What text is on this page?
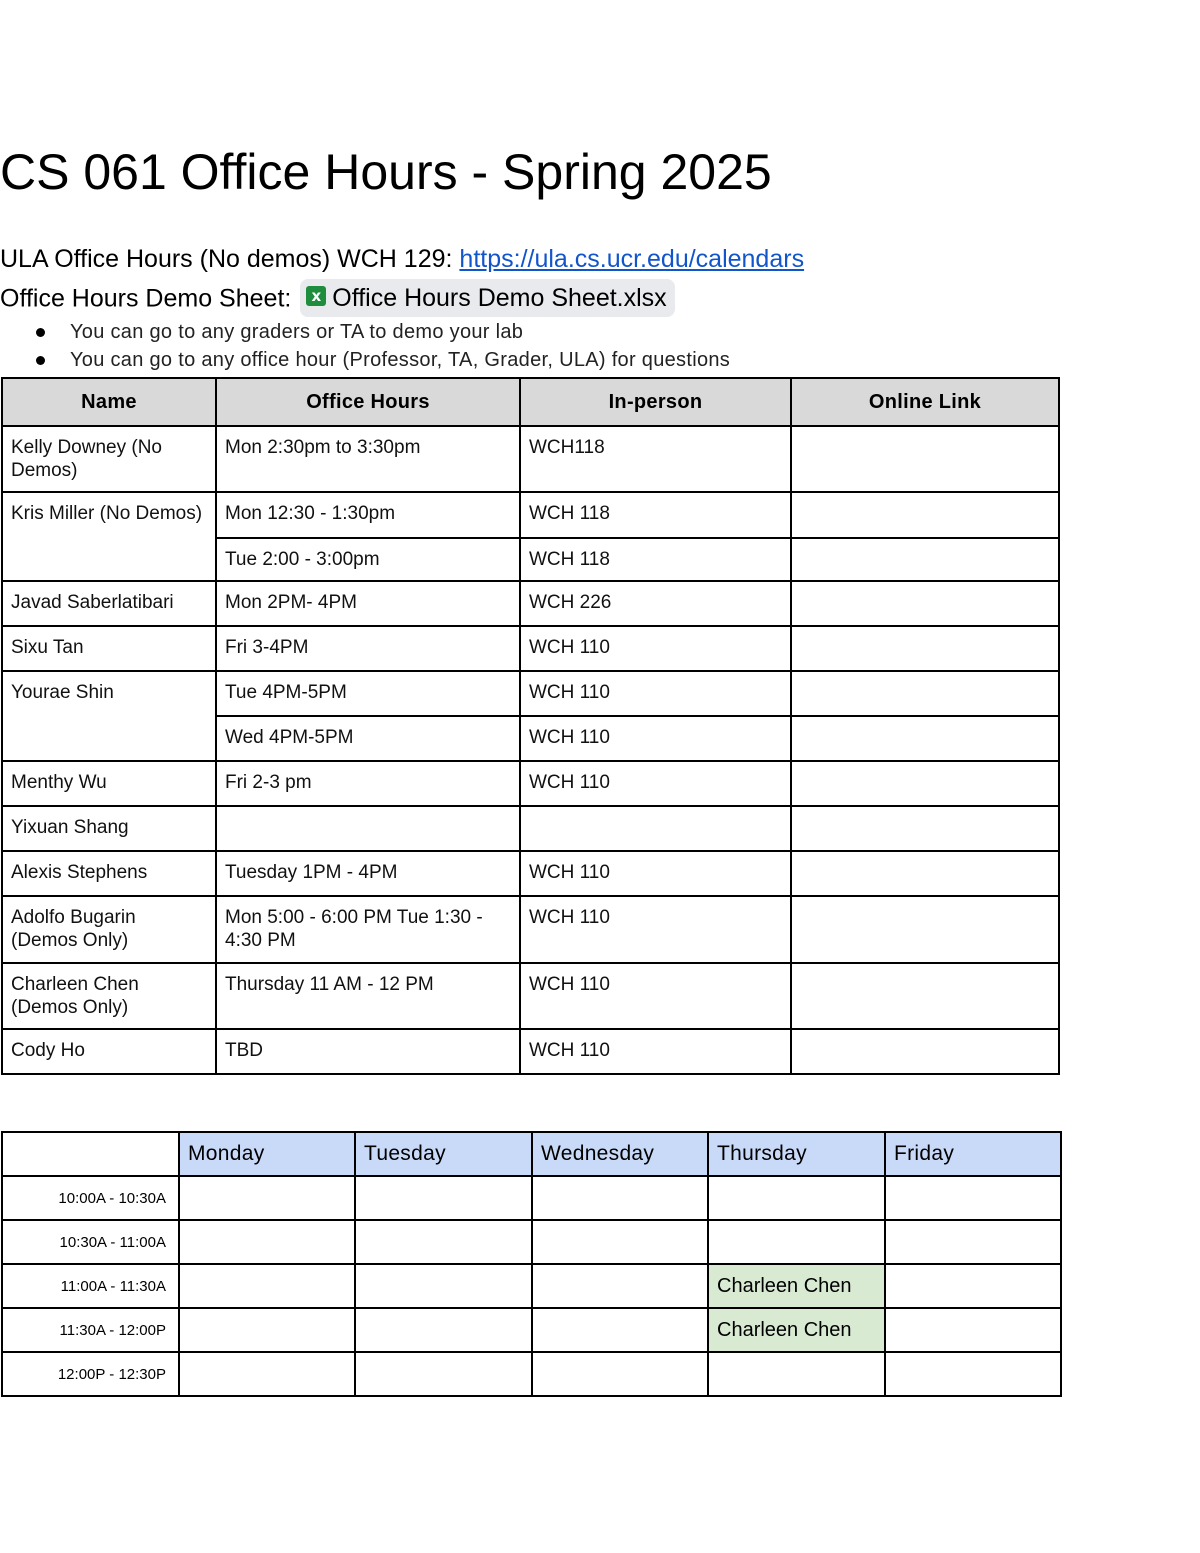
CS 061 Office Hours - Spring 2025
ULA Office Hours (No demos) WCH 129: https://ula.cs.ucr.edu/calendars
Office Hours Demo Sheet: x Office Hours Demo Sheet.xlsx
You can go to any graders or TA to demo your lab
You can go to any office hour (Professor, TA, Grader, ULA) for questions
Name	Office Hours	In-person	Online Link
Kelly Downey (No Demos)	Mon 2:30pm to 3:30pm	WCH118	
Kris Miller (No Demos)	Mon 12:30 - 1:30pm	WCH 118	
	Tue 2:00 - 3:00pm	WCH 118	
Javad Saberlatibari	Mon 2PM- 4PM	WCH 226	
Sixu Tan	Fri 3-4PM	WCH 110	
Yourae Shin	Tue 4PM-5PM	WCH 110	
	Wed 4PM-5PM	WCH 110	
Menthy Wu	Fri 2-3 pm	WCH 110	
Yixuan Shang			
Alexis Stephens	Tuesday 1PM - 4PM	WCH 110	
Adolfo Bugarin (Demos Only)	Mon 5:00 - 6:00 PM Tue 1:30 - 4:30 PM	WCH 110	
Charleen Chen (Demos Only)	Thursday 11 AM - 12 PM	WCH 110	
Cody Ho	TBD	WCH 110	
	Monday	Tuesday	Wednesday	Thursday	Friday
10:00A - 10:30A					
10:30A - 11:00A					
11:00A - 11:30A				Charleen Chen	
11:30A - 12:00P				Charleen Chen	
12:00P - 12:30P					
